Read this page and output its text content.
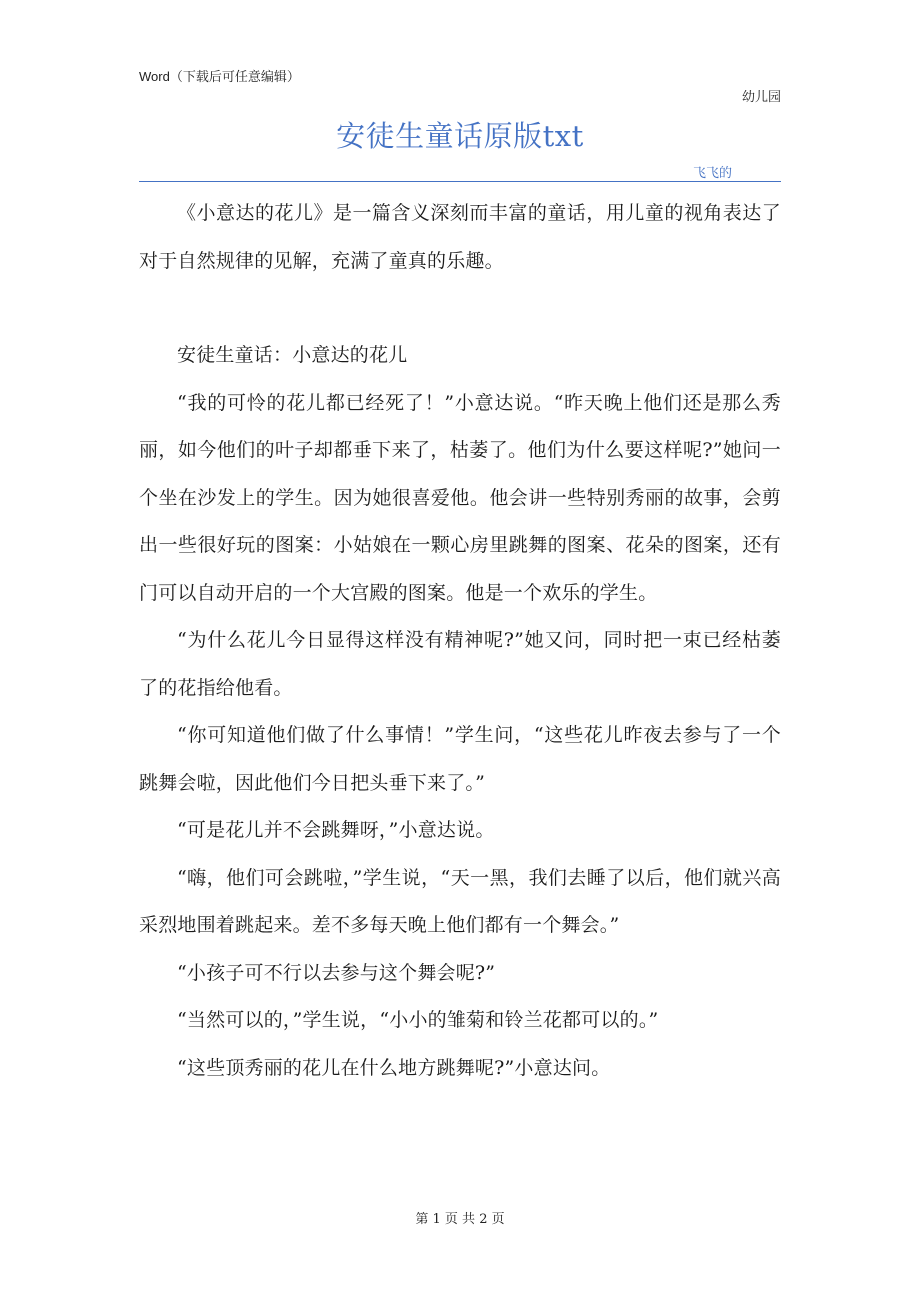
Word（下载后可任意编辑）
幼儿园
安徒生童话原版txt
飞飞的

《小意达的花儿》是一篇含义深刻而丰富的童话，用儿童的视角表达了对于自然规律的见解，充满了童真的乐趣。

安徒生童话：小意达的花儿

“我的可怜的花儿都已经死了！”小意达说。“昨天晚上他们还是那么秀丽，如今他们的叶子却都垂下来了，枯萎了。他们为什么要这样呢?”她问一个坐在沙发上的学生。因为她很喜爱他。他会讲一些特别秀丽的故事，会剪出一些很好玩的图案：小姑娘在一颗心房里跳舞的图案、花朵的图案，还有门可以自动开启的一个大宫殿的图案。他是一个欢乐的学生。

“为什么花儿今日显得这样没有精神呢?”她又问，同时把一束已经枯萎了的花指给他看。

“你可知道他们做了什么事情！”学生问，“这些花儿昨夜去参与了一个跳舞会啦，因此他们今日把头垂下来了。”

“可是花儿并不会跳舞呀，”小意达说。

“嗨，他们可会跳啦，”学生说，“天一黑，我们去睡了以后，他们就兴高采烈地围着跳起来。差不多每天晚上他们都有一个舞会。”

“小孩子可不行以去参与这个舞会呢?”

“当然可以的，”学生说，“小小的雏菊和铃兰花都可以的。”

“这些顶秀丽的花儿在什么地方跳舞呢?”小意达问。

第 1 页 共 2 页
